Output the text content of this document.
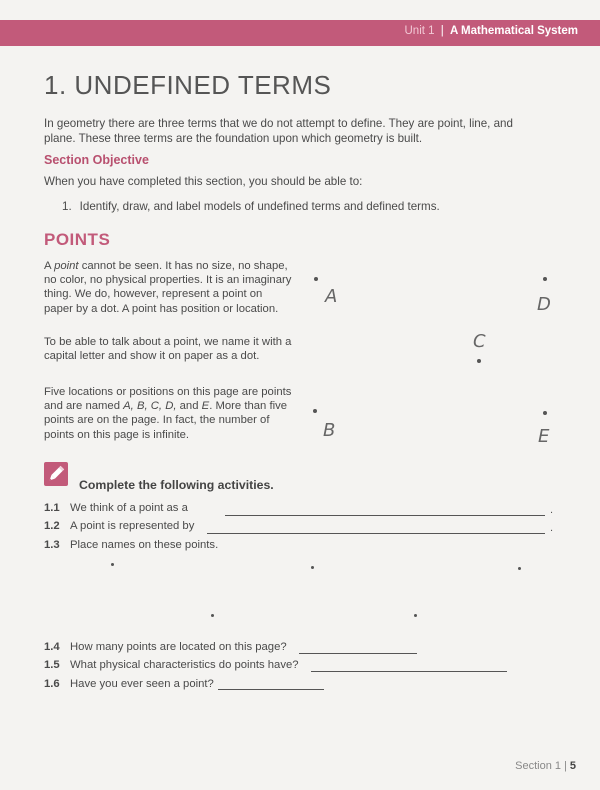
Unit 1 | A Mathematical System
1. UNDEFINED TERMS
In geometry there are three terms that we do not attempt to define. They are point, line, and plane. These three terms are the foundation upon which geometry is built.
Section Objective
When you have completed this section, you should be able to:
1. Identify, draw, and label models of undefined terms and defined terms.
POINTS
A point cannot be seen. It has no size, no shape, no color, no physical properties. It is an imaginary thing. We do, however, represent a point on paper by a dot. A point has position or location.
To be able to talk about a point, we name it with a capital letter and show it on paper as a dot.
Five locations or positions on this page are points and are named A, B, C, D, and E. More than five points are on the page. In fact, the number of points on this page is infinite.
A	D
C
B	E
Complete the following activities.
1.1 We think of a point as a	.
1.2 A point is represented by	.
1.3 Place names on these points.
1.4 How many points are located on this page?
1.5 What physical characteristics do points have?
1.6 Have you ever seen a point?
Section 1 | 5
